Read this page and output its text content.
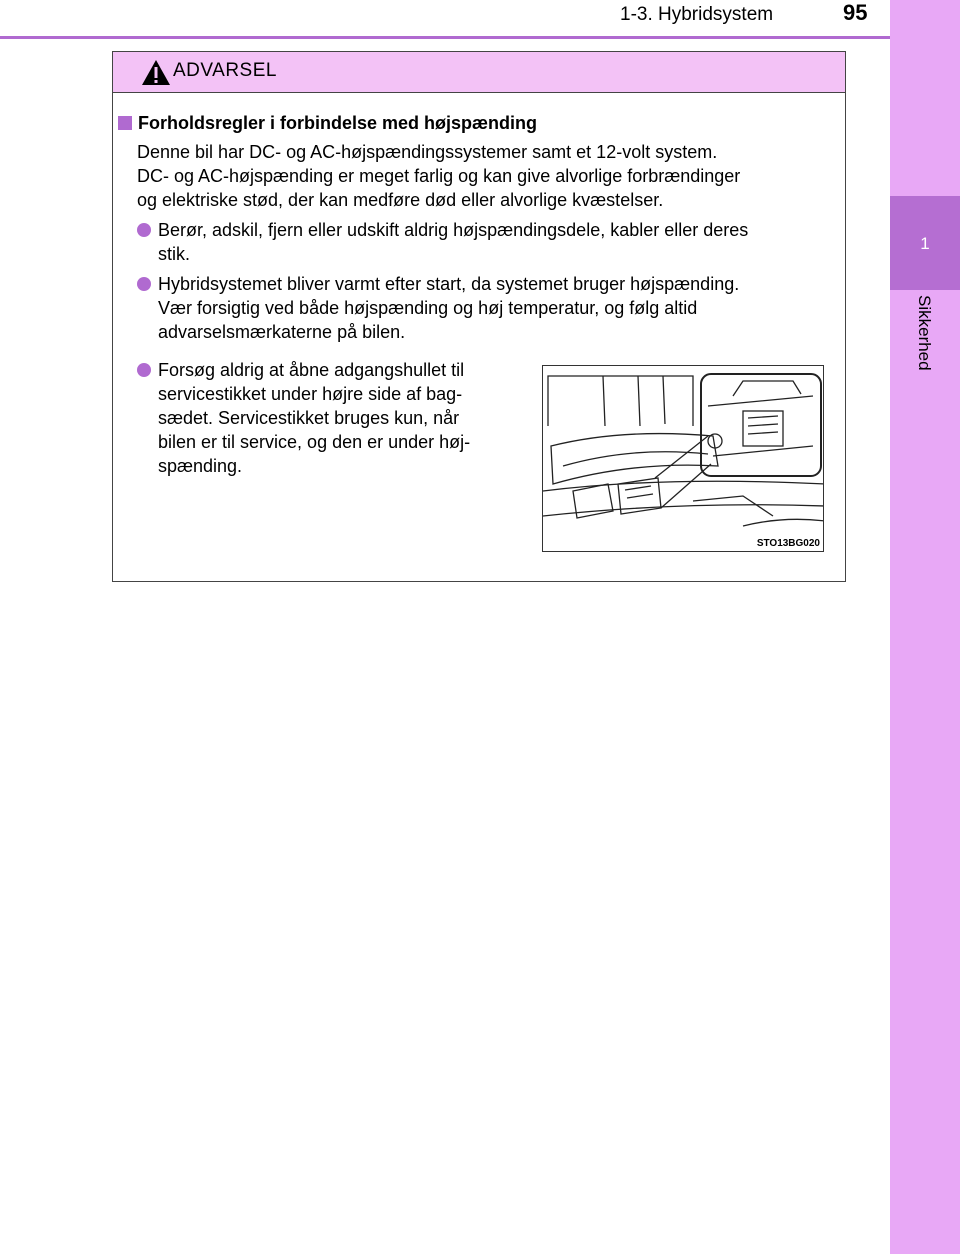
1-3. Hybridsystem	95
1
Sikkerhed
ADVARSEL
Forholdsregler i forbindelse med højspænding
Denne bil har DC- og AC-højspændingssystemer samt et 12-volt system.
DC- og AC-højspænding er meget farlig og kan give alvorlige forbrændinger
og elektriske stød, der kan medføre død eller alvorlige kvæstelser.
Berør, adskil, fjern eller udskift aldrig højspændingsdele, kabler eller deres
stik.
Hybridsystemet bliver varmt efter start, da systemet bruger højspænding.
Vær forsigtig ved både højspænding og høj temperatur, og følg altid
advarselsmærkaterne på bilen.
Forsøg aldrig at åbne adgangshullet til
servicestikket under højre side af bag-
sædet. Servicestikket bruges kun, når
bilen er til service, og den er under høj-
spænding.
STO13BG020
